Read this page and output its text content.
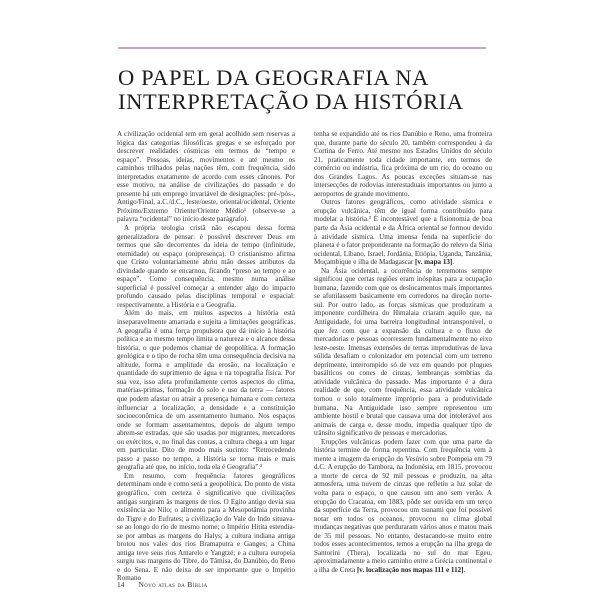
O PAPEL DA GEOGRAFIA NA
INTERPRETAÇÃO DA HISTÓRIA

A civilização ocidental tem em geral acolhido sem reservas a lógica das categorias filosóficas gregas e se esforçado por descrever realidades cósmicas em termos de “tempo e espaço”. Pessoas, ideias, movimentos e até mesmo os caminhos trilhados pelas nações têm, com frequência, sido interpretados exatamente de acordo com esses cânones. Por esse motivo, na análise de civilizações do passado e do presente há um emprego invariável de designações: pré-/pós-, Antigo/Final, a.C./d.C., leste/oeste, oriental/ocidental, Oriente Próximo/Extremo Oriente/Oriente Médio¹ (observe-se a palavra “ocidental” no início deste parágrafo).

A própria teologia cristã não escapou dessa forma generalizadora de pensar: é possível descrever Deus em termos que são decorrentes da ideia de tempo (infinitude, eternidade) ou espaço (onipresença). O cristianismo afirma que Cristo voluntariamente abriu mão desses atributos da divindade quando se encarnou, ficando “preso ao tempo e ao espaço”. Como consequência, mesmo numa análise superficial é possível começar a entender algo do impacto profundo causado pelas disciplinas temporal e espacial: respectivamente, a História e a Geografia.

Além do mais, em muitos aspectos a história está inseparavelmente amarrada e sujeita a limitações geográficas. A geografia é uma força propulsora que dá início à história política e ao mesmo tempo limita a natureza e o alcance dessa história, o que podemos chamar de geopolítica. A formação geológica e o tipo de rocha têm uma consequência decisiva na altitude, forma e amplitude da erosão, na localização e quantidade do suprimento de água e na topografia física. Por sua vez, isso afeta profundamente certos aspectos do clima, matérias-primas, formação do solo e uso da terra — fatores que podem afastar ou atrair a presença humana e com certeza influenciar a localização, a densidade e a constituição socioeconômica de um assentamento humano. Nos espaços onde se formam assentamentos, depois de algum tempo abrem-se estradas, que são usadas por migrantes, mercadores ou exércitos, e, no final das contas, a cultura chega a um lugar em particular. Dito de modo mais sucinto: “Retrocedendo passo a passo no tempo, a História se torna mais e mais geografia até que, no início, toda ela é Geografia”.²

Em resumo, com frequência fatores geográficos determinam onde e como será a geopolítica. Do ponto de vista geográfico, com certeza é significativo que civilizações antigas surgiram às margens de rios. O Egito antigo devia sua existência ao Nilo; o alimento para a Mesopotâmia provinha do Tigre e do Eufrates; a civilização do Vale do Indo situava-se ao longo do rio de mesmo nome; o Império Hitita estendia-se por ambas as margens do Halys; a cultura indiana antiga brotou nos vales dos rios Bramaputra e Ganges; a China antiga teve seus rios Amarelo e Yangtzé; e a cultura europeia surgiu nas margens do Tibre, do Tâmisa, do Danúbio, do Reno e do Sena. E não deixa de ser importante que o Império Romano

tenha se expandido até os rios Danúbio e Reno, uma fronteira que, durante parte do século 20, também correspondeu à da Cortina de Ferro. Até mesmo nos Estados Unidos do século 21, praticamente toda cidade importante, em termos de comércio ou indústria, fica próxima de um rio, do oceano ou dos Grandes Lagos. As poucas exceções situam-se nas intersecções de rodovias interestaduais importantes ou junto a aeroportos de grande movimento.

Outros fatores geográficos, como atividade sísmica e erupção vulcânica, têm de igual forma contribuído para modelar a história.³ É incontestável que a fisionomia de boa parte da Ásia ocidental e da África oriental se formou devido à atividade sísmica. Uma imensa fenda na superfície do planeta é o fator preponderante na formação do relevo da Síria ocidental, Líbano, Israel, Jordânia, Etiópia, Uganda, Tanzânia, Moçambique e ilha de Madagascar [v. mapa 13].

Na Ásia ocidental, a ocorrência de terremotos sempre significou que certas regiões eram inóspitas para a ocupação humana, fazendo com que os deslocamentos mais importantes se afunilassem basicamente em corredores na direção norte-sul. Por outro lado, as forças sísmicas que produziram a imponente cordilheira do Himalaia criaram aquilo que, na Antiguidade, foi uma barreira longitudinal intransponível, o que fez com que a expansão da cultura e o fluxo de mercadorias e pessoas ocorressem fundamentalmente no eixo leste-oeste. Imensas extensões de terras improdutivas de lava sólida desafiam o colonizador em potencial com um terreno deprimente, interrompido só de vez em quando por plugues basálticos ou cones de cinzas, lembranças sombrias da atividade vulcânica do passado. Mas importante é a dura realidade de que, com frequência, essa atividade vulcânica tornou o solo totalmente impróprio para a produtividade humana. Na Antiguidade isso sempre representou um ambiente hostil e brutal que causava uma dor intolerável aos animais de carga e, desse modo, impedia qualquer tipo de trânsito significativo de pessoas e mercadorias.

Erupções vulcânicas podem fazer com que uma parte da história termine de forma repentina. Com frequência vem à mente a imagem da erupção do Vesúvio sobre Pompeia em 79 d.C. A erupção do Tambora, na Indonésia, em 1815, provocou a morte de cerca de 92 mil pessoas e produziu, na alta atmosfera, uma nuvem de cinzas que refletiu a luz solar de volta para o espaço, o que causou um ano sem verão. A erupção do Cracatoa, em 1883, pôde ser ouvida em um terço da superfície da Terra, provocou um tsunami que foi possível notar em todos os oceanos, provocou no clima global mudanças negativas que perduraram vários anos e matou mais de 35 mil pessoas. No entanto, destacando-se muito entre todos esses acontecimentos, temos a erupção na ilha grega de Santorini (Thera), localizada no sul do mar Egeu, aproximadamente a meio caminho entre a Grécia continental e a ilha de Creta [v. localização nos mapas 111 e 112].

14 Novo atlas da Bíblia
